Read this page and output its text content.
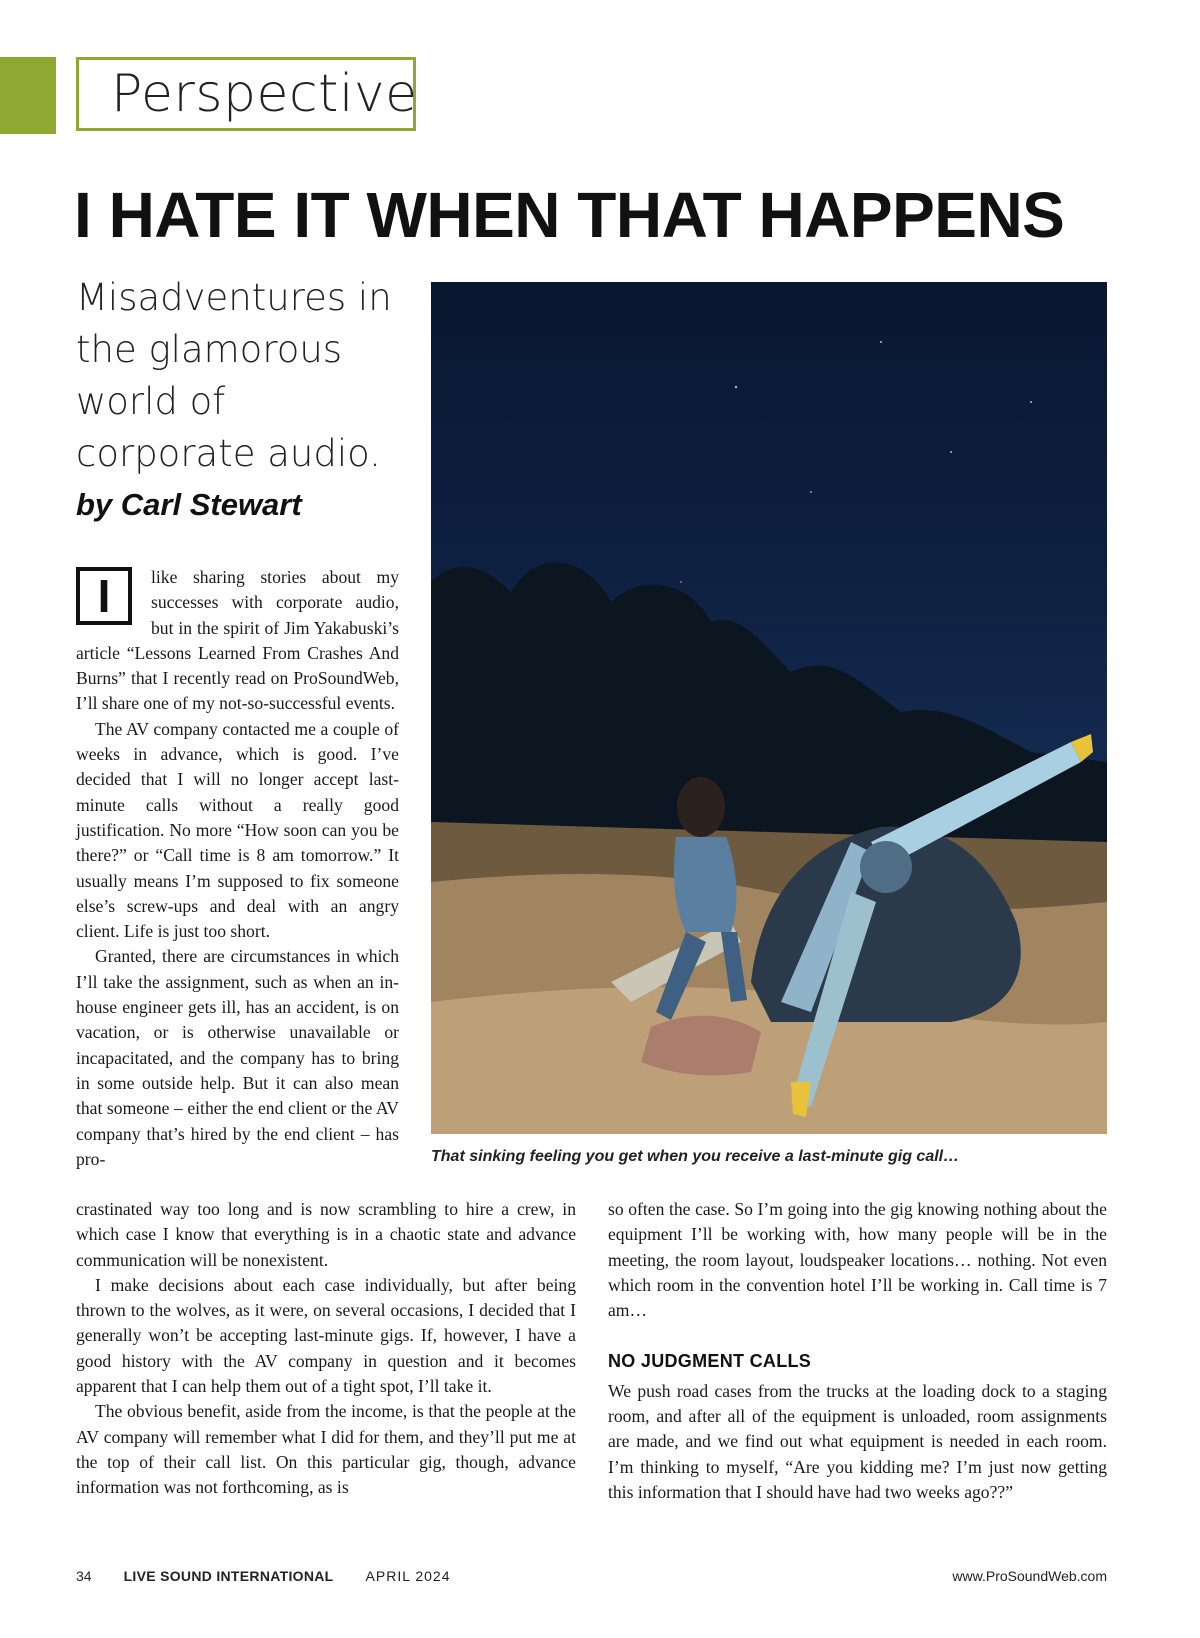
Perspective
I HATE IT WHEN THAT HAPPENS

Misadventures in the glamorous world of corporate audio.

by Carl Stewart

That sinking feeling you get when you receive a last-minute gig call…

I	like sharing stories about my successes with corporate audio, but in the spirit of Jim Yakabuski’s article “Lessons Learned From Crashes And Burns” that I recently read on ProSoundWeb, I’ll share one of my not-so-successful events.

The AV company contacted me a couple of weeks in advance, which is good. I’ve decided that I will no longer accept last-minute calls without a really good justification. No more “How soon can you be there?” or “Call time is 8 am tomorrow.” It usually means I’m supposed to fix someone else’s screw-ups and deal with an angry client. Life is just too short.

Granted, there are circumstances in which I’ll take the assignment, such as when an in-house engineer gets ill, has an accident, is on vacation, or is otherwise unavailable or incapacitated, and the company has to bring in some outside help. But it can also mean that someone – either the end client or the AV company that’s hired by the end client – has pro-

crastinated way too long and is now scrambling to hire a crew, in which case I know that everything is in a chaotic state and advance communication will be nonexistent.

I make decisions about each case individually, but after being thrown to the wolves, as it were, on several occasions, I decided that I generally won’t be accepting last-minute gigs. If, however, I have a good history with the AV company in question and it becomes apparent that I can help them out of a tight spot, I’ll take it.

The obvious benefit, aside from the income, is that the people at the AV company will remember what I did for them, and they’ll put me at the top of their call list. On this particular gig, though, advance information was not forthcoming, as is

so often the case. So I’m going into the gig knowing nothing about the equipment I’ll be working with, how many people will be in the meeting, the room layout, loudspeaker locations… nothing. Not even which room in the convention hotel I’ll be working in. Call time is 7 am…

NO JUDGMENT CALLS

We push road cases from the trucks at the loading dock to a staging room, and after all of the equipment is unloaded, room assignments are made, and we find out what equipment is needed in each room. I’m thinking to myself, “Are you kidding me? I’m just now getting this information that I should have had two weeks ago??”

34 LIVE SOUND INTERNATIONAL APRIL 2024	www.ProSoundWeb.com
